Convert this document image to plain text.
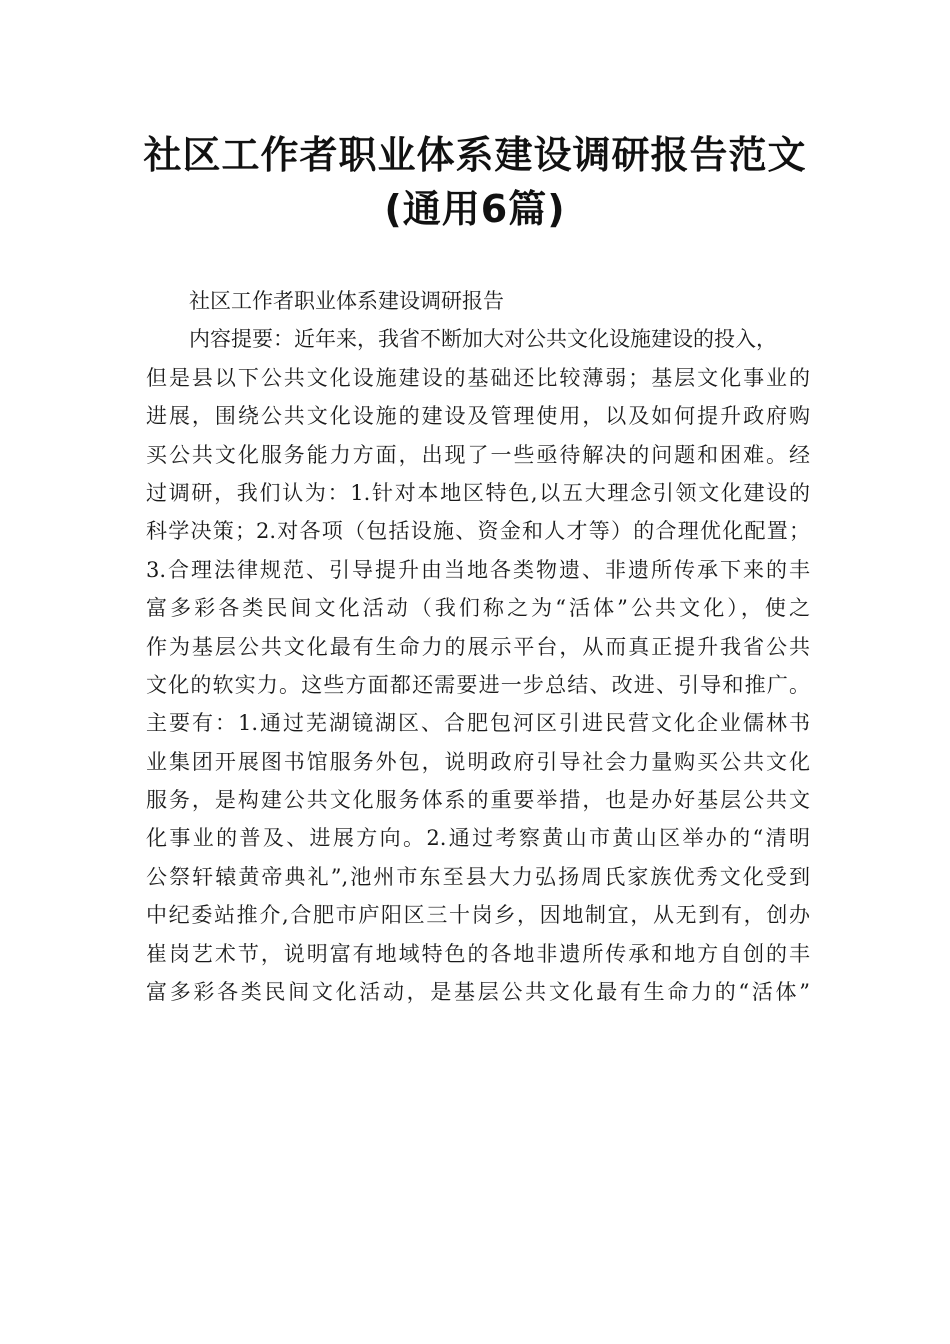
社区工作者职业体系建设调研报告范文
(通用6篇)
社区工作者职业体系建设调研报告
内容提要：近年来，我省不断加大对公共文化设施建设的投入，
但是县以下公共文化设施建设的基础还比较薄弱；基层文化事业的
进展，围绕公共文化设施的建设及管理使用，以及如何提升政府购
买公共文化服务能力方面，出现了一些亟待解决的问题和困难。经
过调研，我们认为：1.针对本地区特色,以五大理念引领文化建设的
科学决策；2.对各项（包括设施、资金和人才等）的合理优化配置；
3.合理法律规范、引导提升由当地各类物遗、非遗所传承下来的丰
富多彩各类民间文化活动（我们称之为“活体”公共文化），使之
作为基层公共文化最有生命力的展示平台，从而真正提升我省公共
文化的软实力。这些方面都还需要进一步总结、改进、引导和推广。
主要有：1.通过芜湖镜湖区、合肥包河区引进民营文化企业儒林书
业集团开展图书馆服务外包，说明政府引导社会力量购买公共文化
服务，是构建公共文化服务体系的重要举措，也是办好基层公共文
化事业的普及、进展方向。2.通过考察黄山市黄山区举办的“清明
公祭轩辕黄帝典礼”,池州市东至县大力弘扬周氏家族优秀文化受到
中纪委站推介,合肥市庐阳区三十岗乡，因地制宜，从无到有，创办
崔岗艺术节，说明富有地域特色的各地非遗所传承和地方自创的丰
富多彩各类民间文化活动，是基层公共文化最有生命力的“活体”
